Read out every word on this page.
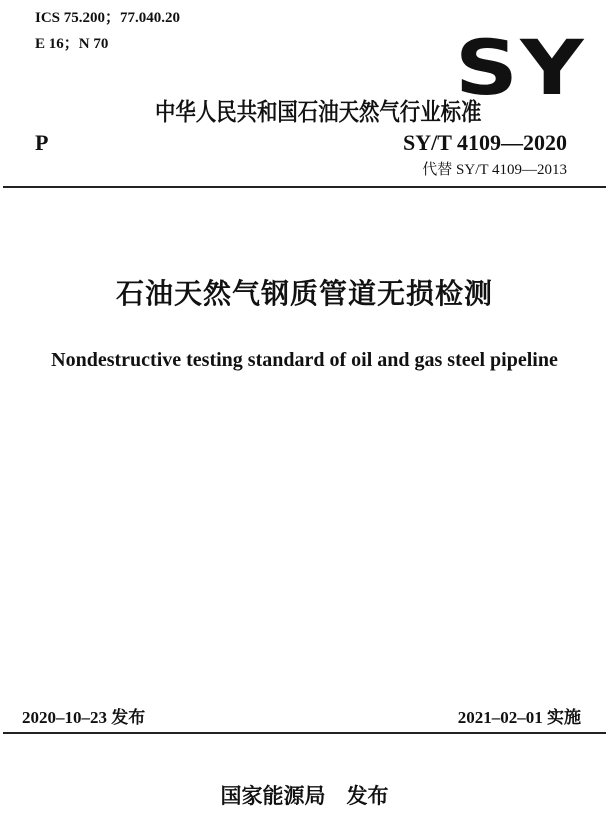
ICS 75.200；77.040.20
E 16；N 70	SY
中华人民共和国石油天然气行业标准
P	SY/T 4109—2020
代替 SY/T 4109—2013
石油天然气钢质管道无损检测
Nondestructive testing standard of oil and gas steel pipeline
2020–10–23 发布	2021–02–01 实施
国家能源局　发布
